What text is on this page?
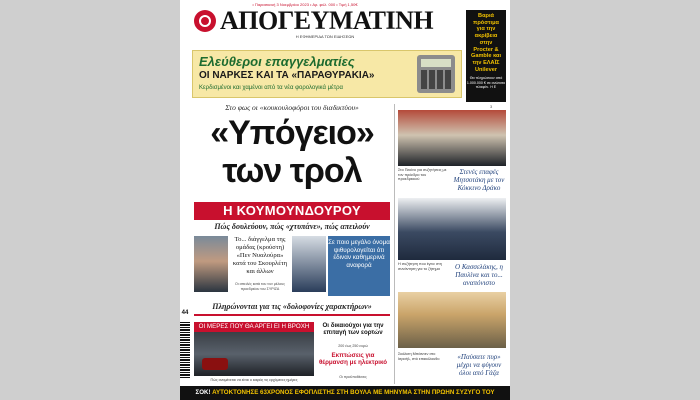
• Παρασκευή 3 Νοεμβρίου 2023 • Αρ. φύλ. 000 • Τιμή 1,50€
ΑΠΟΓΕΥΜΑΤΙΝΗ
Η ΕΦΗΜΕΡΙΔΑ ΤΩΝ ΕΙΔΗΣΕΩΝ
Βαριά
πρόστιμα
για την
ακρίβεια
στην
Procter &
Gamble και
την ΕΛΑΪΣ
Unilever
Θα πληρώσουν από 1.000.000 € σε ανώτατο πλαφόν. Η Ε
Ελεύθεροι επαγγελματίες
ΟΙ ΝΑΡΚΕΣ ΚΑΙ ΤΑ «ΠΑΡΑΘΥΡΑΚΙΑ»
Κερδισμένοι και χαμένοι από τα νέα φορολογικά μέτρα
Στο φως οι «κουκουλοφόροι του διαδικτύου»
«Υπόγειο»
των τρολ
Η ΚΟΥΜΟΥΝΔΟΥΡΟΥ
Πώς δουλεύουν, πώς «χτυπάνε», πώς απειλούν
Το... διάγγελμα της ομάδας (κρούστη) «Πεν Νυαλούρα» κατά του Σκουρλέτη και άλλων
Οι απειλές κατά του νυν μέλους
προεδρείου του ΣΥΡΙΖΑ
Σε ποιο μεγάλο όνομα ψιθυρολογείται ότι έδιναν καθημερινά αναφορά
Πληρώνονται για τις «δολοφονίες χαρακτήρων»
ΟΙ ΜΕΡΕΣ ΠΟΥ ΘΑ ΑΡΓΕΙ ΕΙ Η ΒΡΟΧΗ
Πώς αναμένεται να είναι ο καιρός τις ερχόμενες ημέρες
Οι δικαιούχοι για την επιταγή των εορτών
200 έως 250 ευρώ
Εκπτώσεις για θέρμανση με ηλεκτρικό
Οι προϋποθέσεις
3
Στο Πεκίνο για συζητήσεις με τον πρόεδρο του προεδρεικού
Στενές επαφές Μητσοτάκη με τον Κόκκινο Δράκο
Η συζήτηση που έγινε στη συνάντηση για το ζήτημα	Ο Κασσελάκης, η Παυλίνα και το... αναπόνιστο
Σκάλιση Μπάιντεν στο Ισραήλ, στό επακόλουθο	«Παύσατε πυρ» μέχρι να φύγουν όλοι από Γάζα
ΣΟΚ! ΑΥΤΟΚΤΟΝΗΣΕ 63ΧΡΟΝΟΣ ΕΦΟΠΛΙΣΤΗΣ ΣΤΗ ΒΟΥΛΑ ΜΕ ΜΗΝΥΜΑ ΣΤΗΝ ΠΡΩΗΝ ΣΥΖΥΓΟ ΤΟΥ
44
